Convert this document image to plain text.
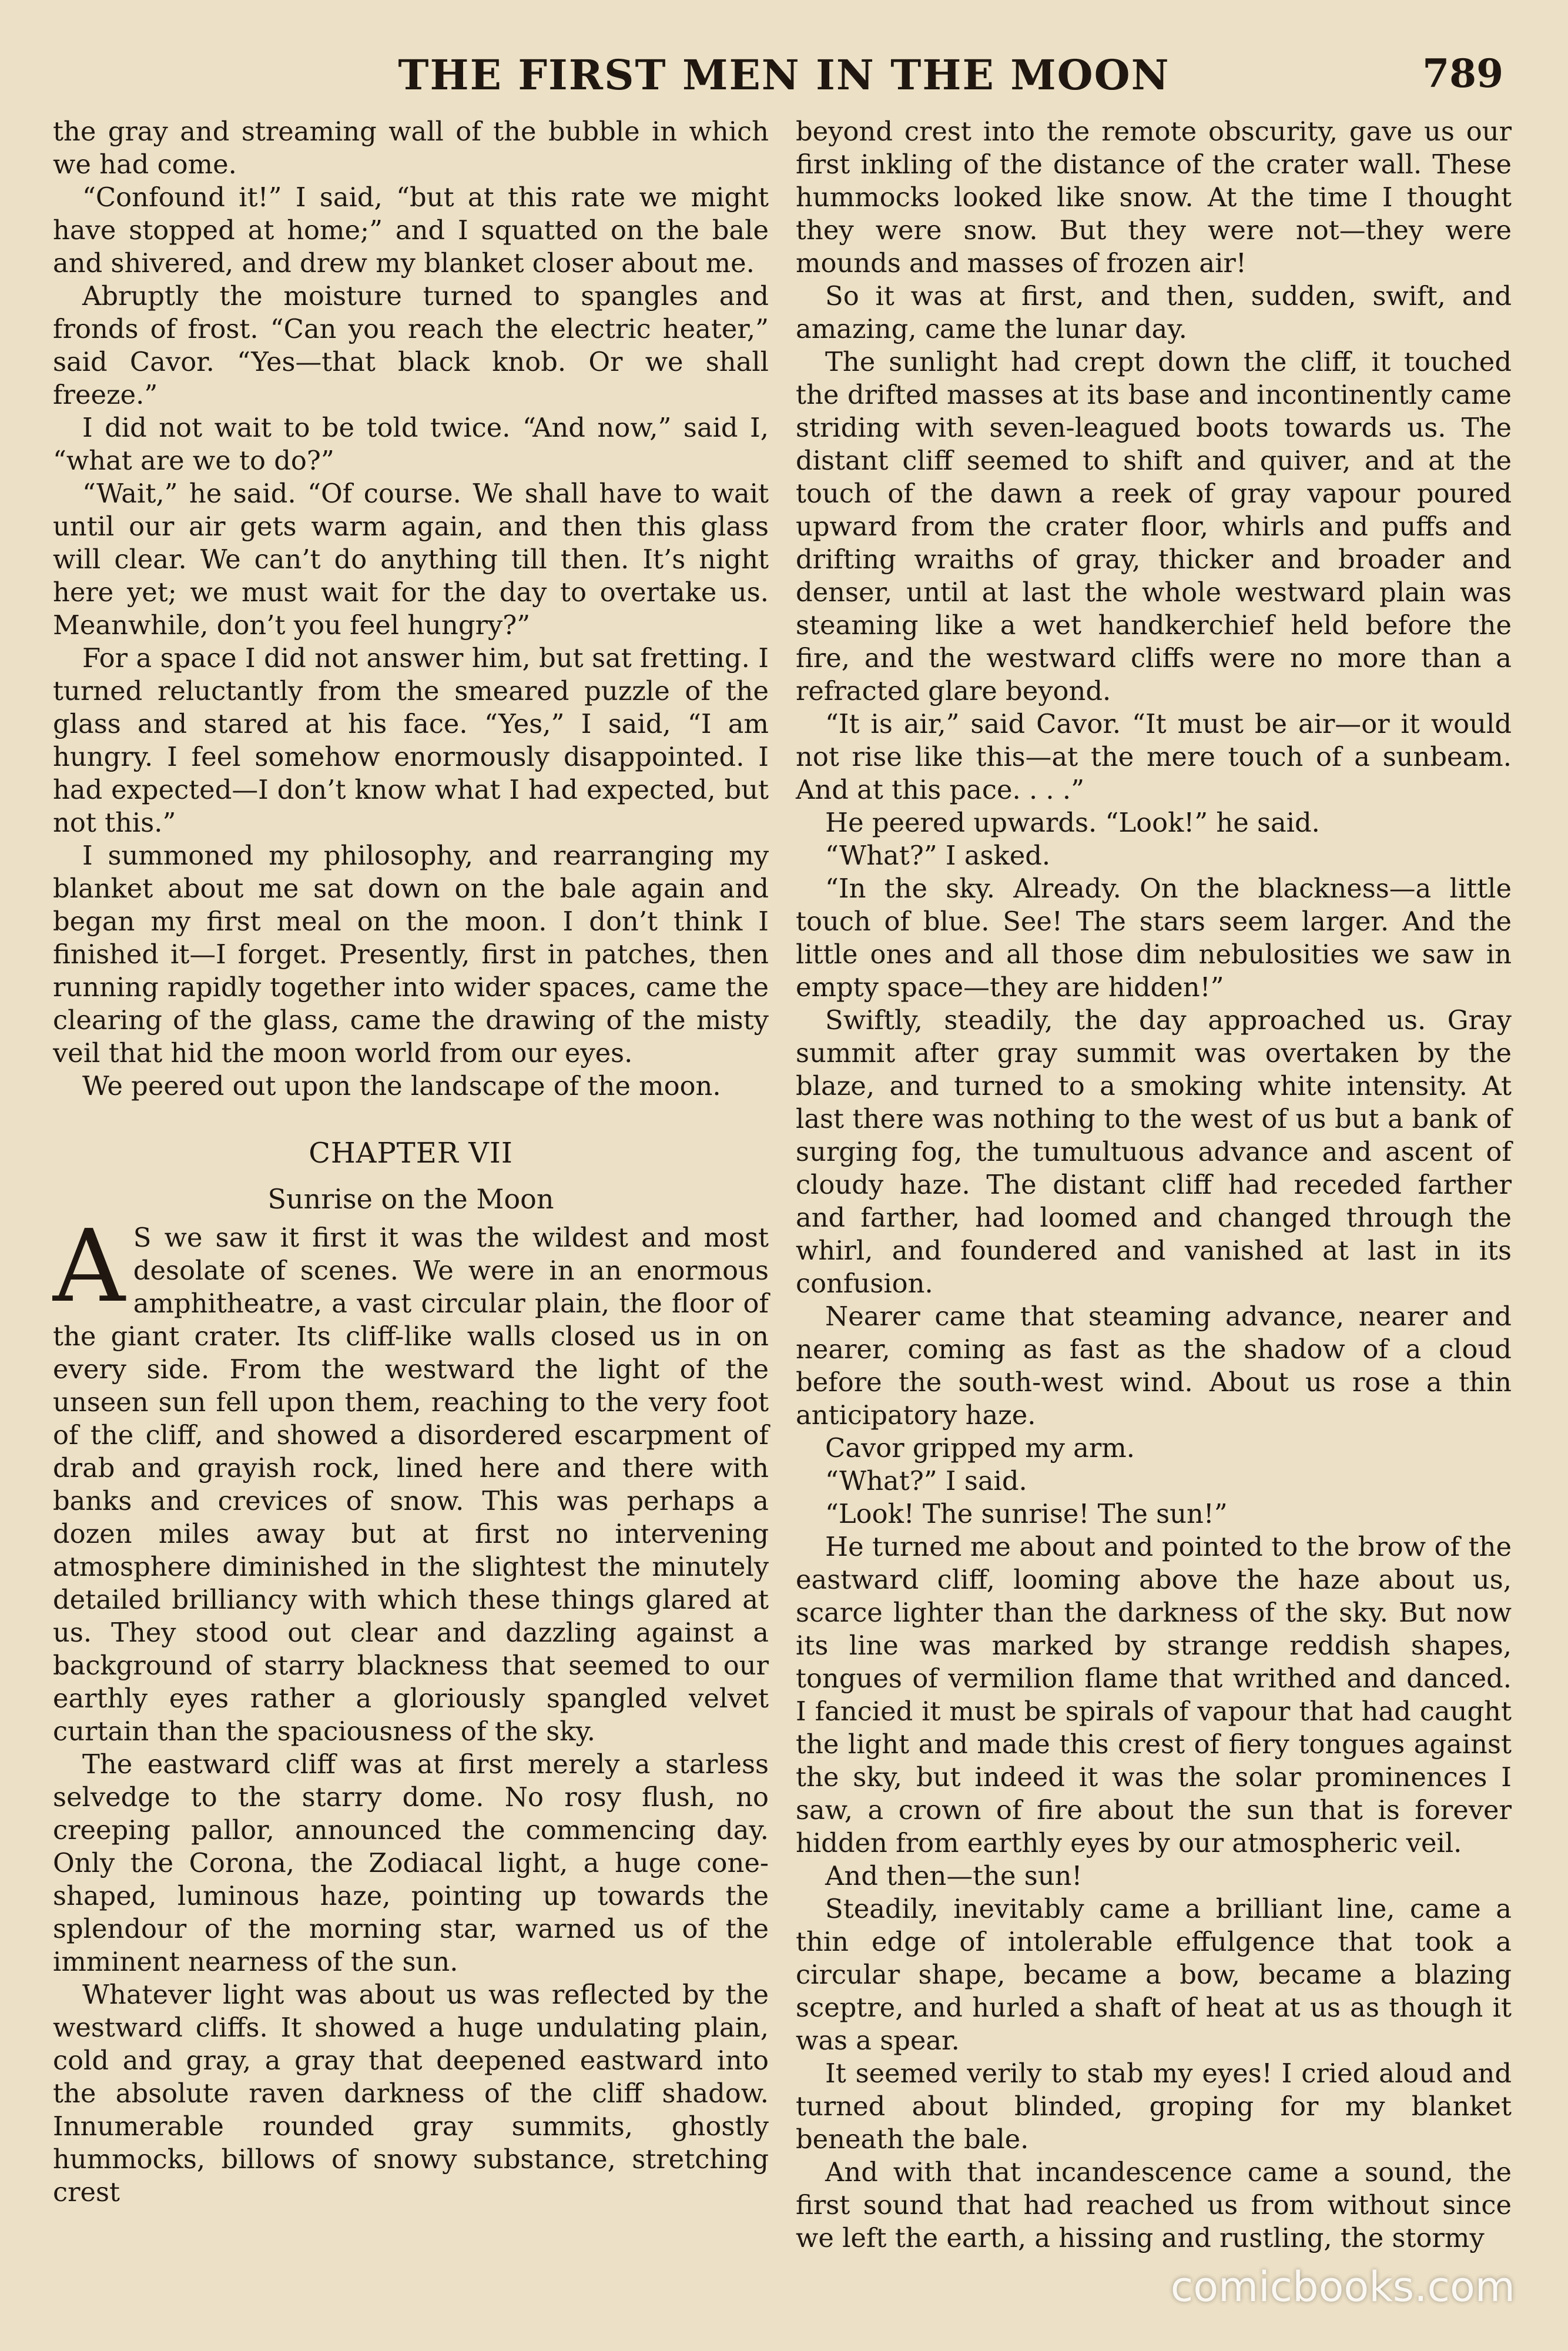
THE FIRST MEN IN THE MOON	789

the gray and streaming wall of the bubble in which we had come.

“Confound it!” I said, “but at this rate we might have stopped at home;” and I squatted on the bale and shivered, and drew my blanket closer about me.

Abruptly the moisture turned to spangles and fronds of frost. “Can you reach the electric heater,” said Cavor. “Yes—that black knob. Or we shall freeze.”

I did not wait to be told twice. “And now,” said I, “what are we to do?”

“Wait,” he said. “Of course. We shall have to wait until our air gets warm again, and then this glass will clear. We can’t do anything till then. It’s night here yet; we must wait for the day to overtake us. Meanwhile, don’t you feel hungry?”

For a space I did not answer him, but sat fretting. I turned reluctantly from the smeared puzzle of the glass and stared at his face. “Yes,” I said, “I am hungry. I feel somehow enormously disappointed. I had expected—I don’t know what I had expected, but not this.”

I summoned my philosophy, and rearranging my blanket about me sat down on the bale again and began my first meal on the moon. I don’t think I finished it—I forget. Presently, first in patches, then running rapidly together into wider spaces, came the clearing of the glass, came the drawing of the misty veil that hid the moon world from our eyes.

We peered out upon the landscape of the moon.

CHAPTER VII
Sunrise on the Moon

A S we saw it first it was the wildest and most desolate of scenes. We were in an enormous amphitheatre, a vast circular plain, the floor of the giant crater. Its cliff-like walls closed us in on every side. From the westward the light of the unseen sun fell upon them, reaching to the very foot of the cliff, and showed a disordered escarpment of drab and grayish rock, lined here and there with banks and crevices of snow. This was perhaps a dozen miles away but at first no intervening atmosphere diminished in the slightest the minutely detailed brilliancy with which these things glared at us. They stood out clear and dazzling against a background of starry blackness that seemed to our earthly eyes rather a gloriously spangled velvet curtain than the spaciousness of the sky.

The eastward cliff was at first merely a starless selvedge to the starry dome. No rosy flush, no creeping pallor, announced the commencing day. Only the Corona, the Zodiacal light, a huge cone-shaped, luminous haze, pointing up towards the splendour of the morning star, warned us of the imminent nearness of the sun.

Whatever light was about us was reflected by the westward cliffs. It showed a huge undulating plain, cold and gray, a gray that deepened eastward into the absolute raven darkness of the cliff shadow. Innumerable rounded gray summits, ghostly hummocks, billows of snowy substance, stretching crest

beyond crest into the remote obscurity, gave us our first inkling of the distance of the crater wall. These hummocks looked like snow. At the time I thought they were snow. But they were not—they were mounds and masses of frozen air!

So it was at first, and then, sudden, swift, and amazing, came the lunar day.

The sunlight had crept down the cliff, it touched the drifted masses at its base and incontinently came striding with seven-leagued boots towards us. The distant cliff seemed to shift and quiver, and at the touch of the dawn a reek of gray vapour poured upward from the crater floor, whirls and puffs and drifting wraiths of gray, thicker and broader and denser, until at last the whole westward plain was steaming like a wet handkerchief held before the fire, and the westward cliffs were no more than a refracted glare beyond.

“It is air,” said Cavor. “It must be air—or it would not rise like this—at the mere touch of a sunbeam. And at this pace. . . .”

He peered upwards. “Look!” he said.

“What?” I asked.

“In the sky. Already. On the blackness—a little touch of blue. See! The stars seem larger. And the little ones and all those dim nebulosities we saw in empty space—they are hidden!”

Swiftly, steadily, the day approached us. Gray summit after gray summit was overtaken by the blaze, and turned to a smoking white intensity. At last there was nothing to the west of us but a bank of surging fog, the tumultuous advance and ascent of cloudy haze. The distant cliff had receded farther and farther, had loomed and changed through the whirl, and foundered and vanished at last in its confusion.

Nearer came that steaming advance, nearer and nearer, coming as fast as the shadow of a cloud before the south-west wind. About us rose a thin anticipatory haze.

Cavor gripped my arm.

“What?” I said.

“Look! The sunrise! The sun!”

He turned me about and pointed to the brow of the eastward cliff, looming above the haze about us, scarce lighter than the darkness of the sky. But now its line was marked by strange reddish shapes, tongues of vermilion flame that writhed and danced. I fancied it must be spirals of vapour that had caught the light and made this crest of fiery tongues against the sky, but indeed it was the solar prominences I saw, a crown of fire about the sun that is forever hidden from earthly eyes by our atmospheric veil.

And then—the sun!

Steadily, inevitably came a brilliant line, came a thin edge of intolerable effulgence that took a circular shape, became a bow, became a blazing sceptre, and hurled a shaft of heat at us as though it was a spear.

It seemed verily to stab my eyes! I cried aloud and turned about blinded, groping for my blanket beneath the bale.

And with that incandescence came a sound, the first sound that had reached us from without since we left the earth, a hissing and rustling, the stormy

comicbooks.com
